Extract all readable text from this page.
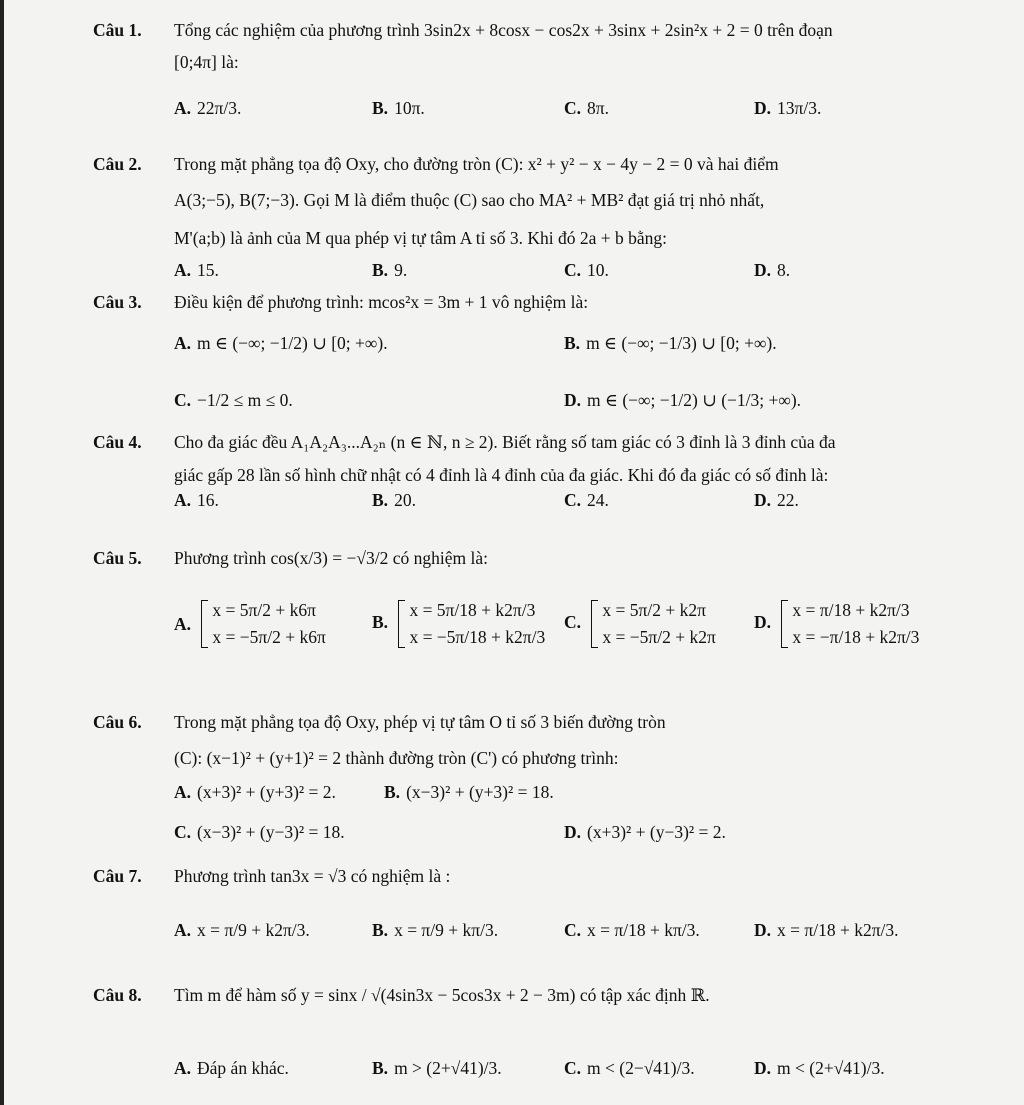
Câu 1. Tổng các nghiệm của phương trình 3sin2x + 8cosx − cos2x + 3sinx + 2sin²x + 2 = 0 trên đoạn
[0;4π] là:
A. 22π/3.	B. 10π.	C. 8π.	D. 13π/3.
Câu 2. Trong mặt phẳng tọa độ Oxy, cho đường tròn (C): x² + y² − x − 4y − 2 = 0 và hai điểm
A(3;−5), B(7;−3). Gọi M là điểm thuộc (C) sao cho MA² + MB² đạt giá trị nhỏ nhất,
M'(a;b) là ảnh của M qua phép vị tự tâm A tỉ số 3. Khi đó 2a + b bằng:
A. 15.	B. 9.	C. 10.	D. 8.
Câu 3. Điều kiện để phương trình: mcos²x = 3m + 1 vô nghiệm là:
A. m ∈ (−∞; −1/2) ∪ [0; +∞).	B. m ∈ (−∞; −1/3) ∪ [0; +∞).
C. −1/2 ≤ m ≤ 0.	D. m ∈ (−∞; −1/2) ∪ (−1/3; +∞).
Câu 4. Cho đa giác đều A₁A₂A₃...A₂ₙ (n ∈ ℕ, n ≥ 2). Biết rằng số tam giác có 3 đỉnh là 3 đỉnh của đa
giác gấp 28 lần số hình chữ nhật có 4 đỉnh là 4 đỉnh của đa giác. Khi đó đa giác có số đỉnh là:
A. 16.	B. 20.	C. 24.	D. 22.
Câu 5. Phương trình cos(x/3) = −√3/2 có nghiệm là:
A.
x = 5π/2 + k6π
x = −5π/2 + k6π
B.
x = 5π/18 + k2π/3
x = −5π/18 + k2π/3
C.
x = 5π/2 + k2π
x = −5π/2 + k2π
D.
x = π/18 + k2π/3
x = −π/18 + k2π/3
Câu 6. Trong mặt phẳng tọa độ Oxy, phép vị tự tâm O tỉ số 3 biến đường tròn
(C): (x−1)² + (y+1)² = 2 thành đường tròn (C') có phương trình:
A. (x+3)² + (y+3)² = 2.	B. (x−3)² + (y+3)² = 18.
C. (x−3)² + (y−3)² = 18.	D. (x+3)² + (y−3)² = 2.
Câu 7. Phương trình tan3x = √3 có nghiệm là :
A. x = π/9 + k2π/3.	B. x = π/9 + kπ/3.	C. x = π/18 + kπ/3.	D. x = π/18 + k2π/3.
Câu 8. Tìm m để hàm số y = sinx / √(4sin3x − 5cos3x + 2 − 3m) có tập xác định ℝ.
A. Đáp án khác.	B. m > (2+√41)/3.	C. m < (2−√41)/3.	D. m < (2+√41)/3.
